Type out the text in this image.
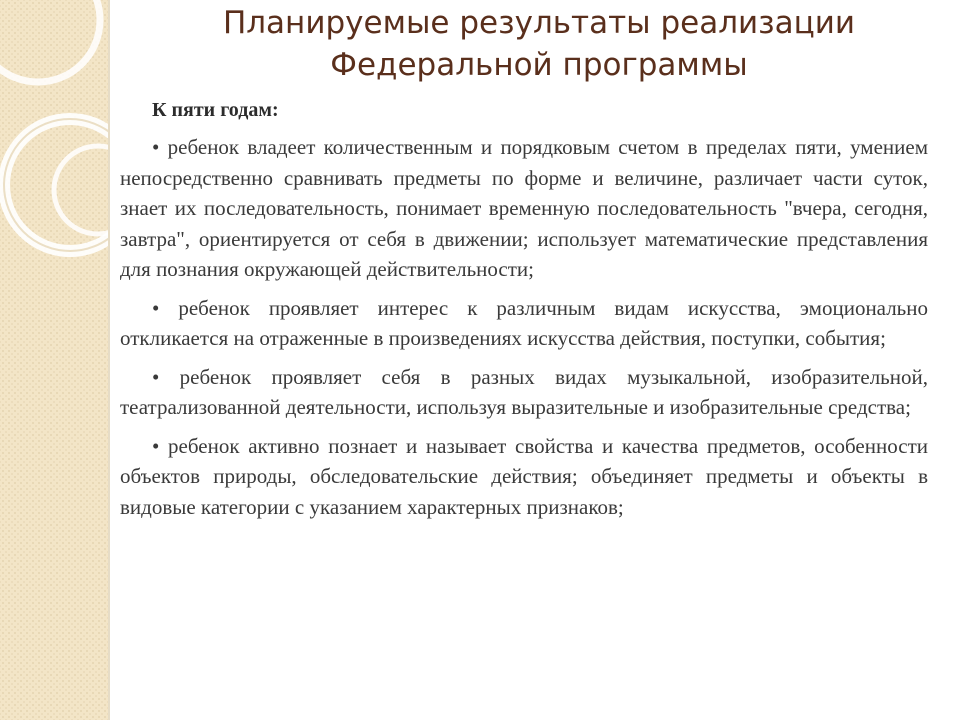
Планируемые результаты реализации Федеральной программы

К пяти годам:

• ребенок владеет количественным и порядковым счетом в пределах пяти, умением непосредственно сравнивать предметы по форме и величине, различает части суток, знает их последовательность, понимает временную последовательность "вчера, сегодня, завтра", ориентируется от себя в движении; использует математические представления для познания окружающей действительности;

• ребенок проявляет интерес к различным видам искусства, эмоционально откликается на отраженные в произведениях искусства действия, поступки, события;

• ребенок проявляет себя в разных видах музыкальной, изобразительной, театрализованной деятельности, используя выразительные и изобразительные средства;

• ребенок активно познает и называет свойства и качества предметов, особенности объектов природы, обследовательские действия; объединяет предметы и объекты в видовые категории с указанием характерных признаков;
